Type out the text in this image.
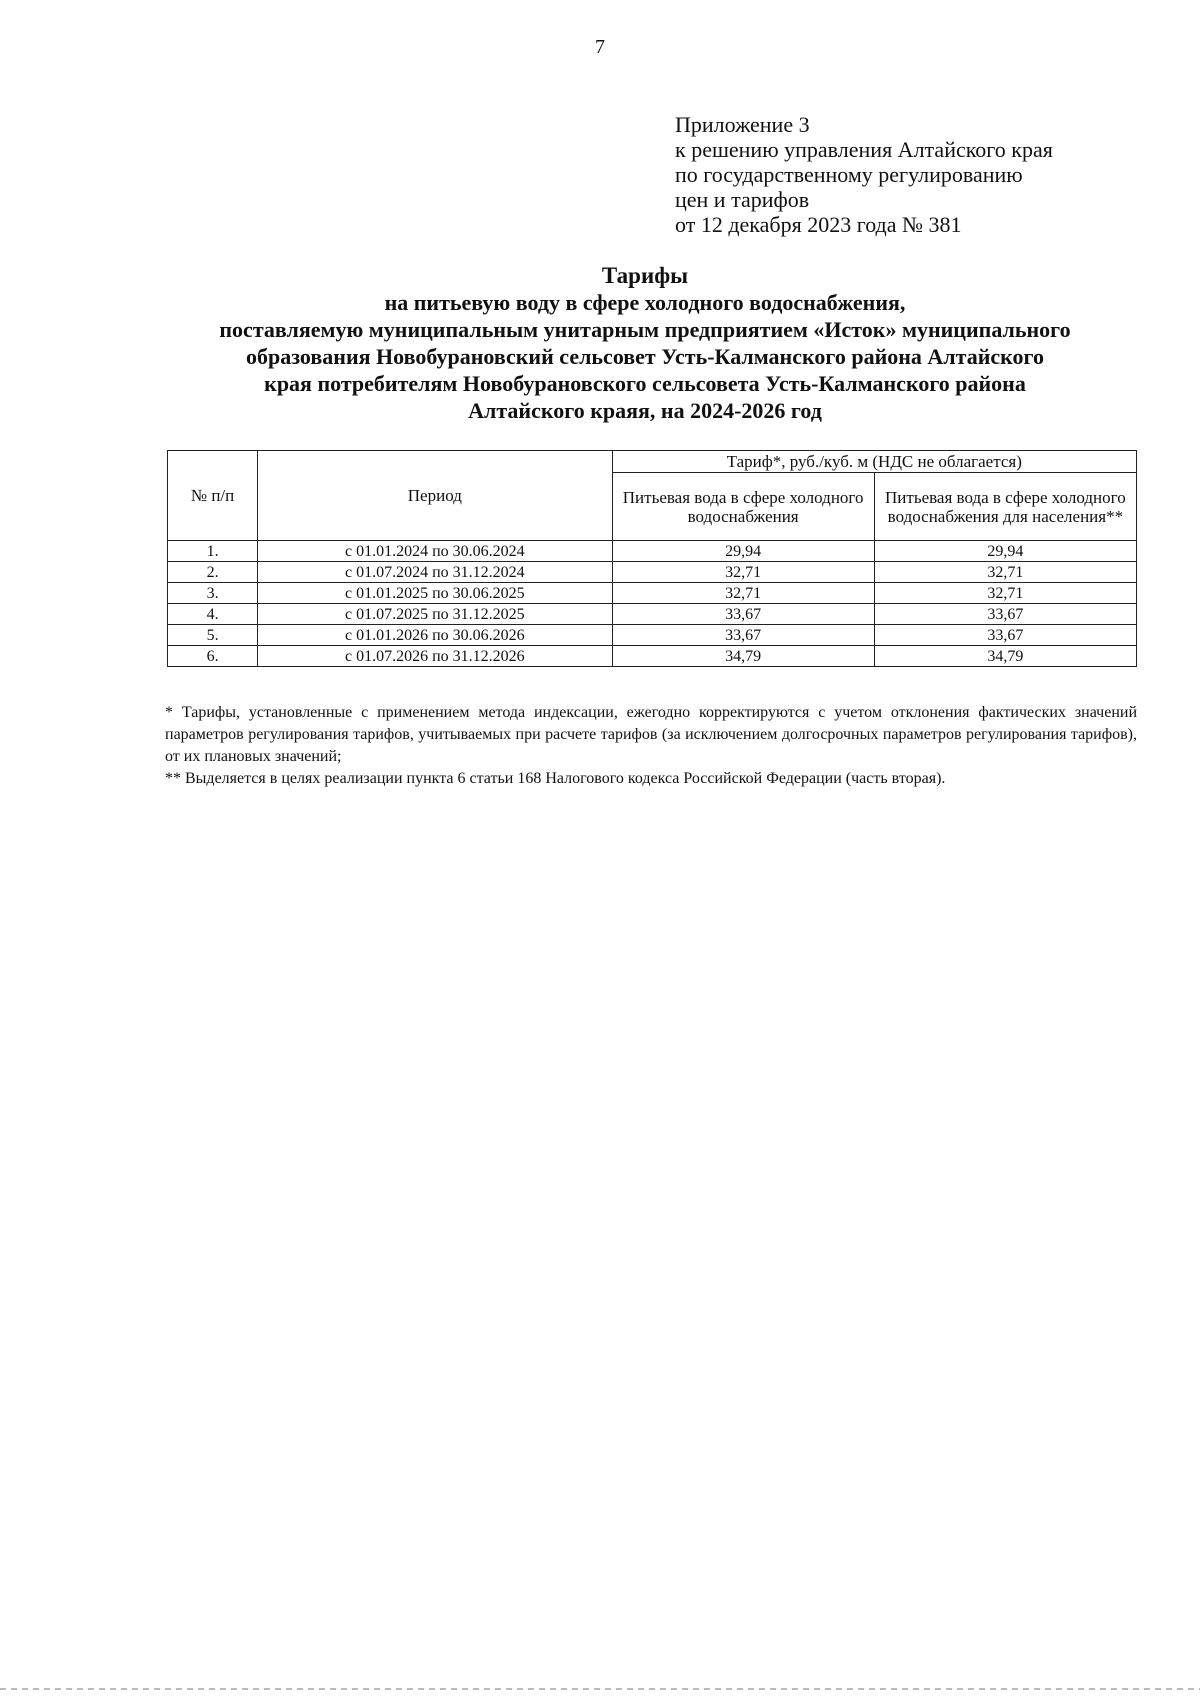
7
Приложение 3
к решению управления Алтайского края
по государственному регулированию
цен и тарифов
от 12 декабря 2023 года № 381
Тарифы
на питьевую воду в сфере холодного водоснабжения,
поставляемую муниципальным унитарным предприятием «Исток» муниципального
образования Новобурановский сельсовет Усть-Калманского района Алтайского
края потребителям Новобурановского сельсовета Усть-Калманского района
Алтайского краяя, на 2024-2026 год
№ п/п	Период	Тариф*, руб./куб. м (НДС не облагается)	
		Питьевая вода в сфере холодного водоснабжения	Питьевая вода в сфере холодного водоснабжения для населения**
1.	с 01.01.2024 по 30.06.2024	29,94	29,94
2.	с 01.07.2024 по 31.12.2024	32,71	32,71
3.	с 01.01.2025 по 30.06.2025	32,71	32,71
4.	с 01.07.2025 по 31.12.2025	33,67	33,67
5.	с 01.01.2026 по 30.06.2026	33,67	33,67
6.	с 01.07.2026 по 31.12.2026	34,79	34,79

* Тарифы, установленные с применением метода индексации, ежегодно корректируются с учетом отклонения фактических значений параметров регулирования тарифов, учитываемых при расчете тарифов (за исключением долгосрочных параметров регулирования тарифов), от их плановых значений;

** Выделяется в целях реализации пункта 6 статьи 168 Налогового кодекса Российской Федерации (часть вторая).
